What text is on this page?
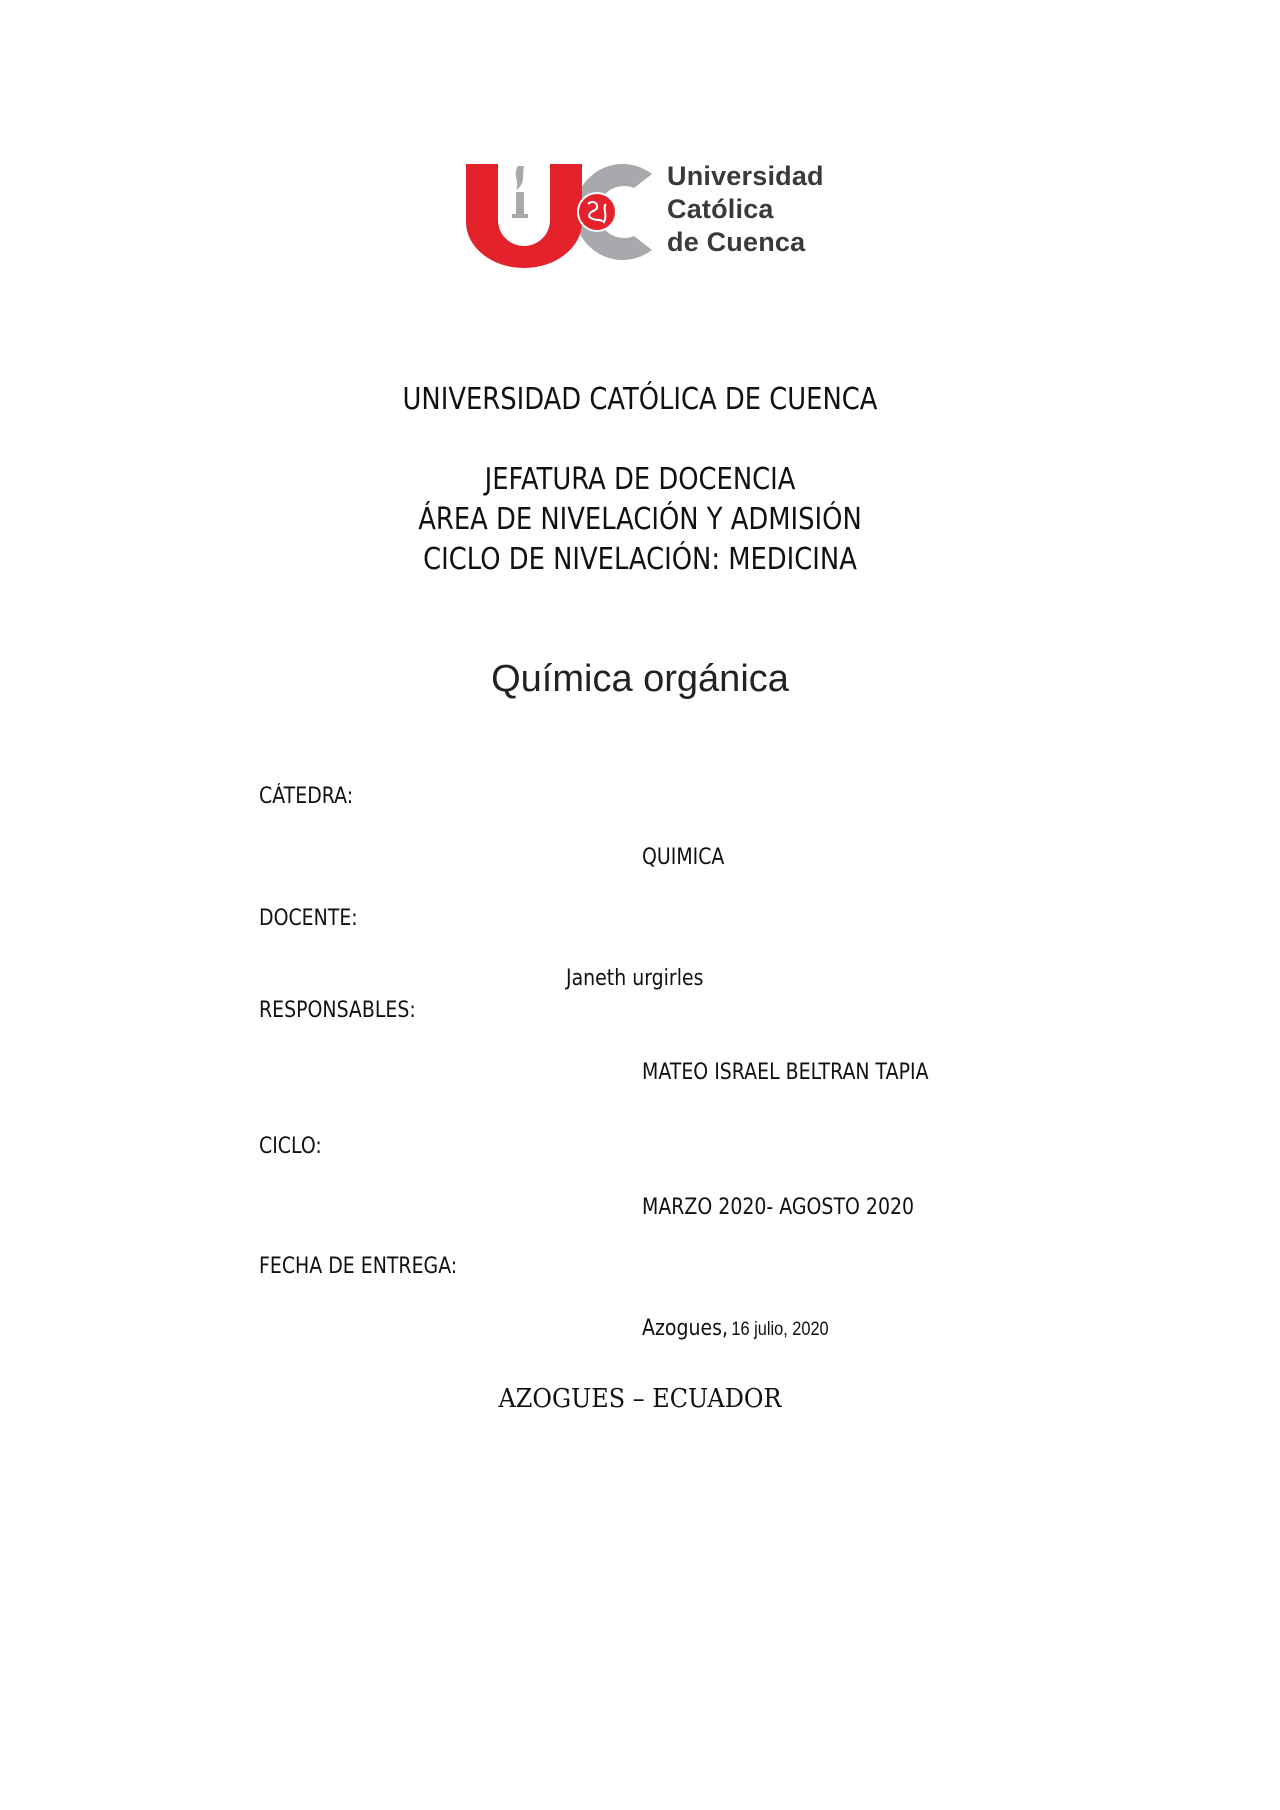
Universidad
Católica
de Cuenca
UNIVERSIDAD CATÓLICA DE CUENCA
JEFATURA DE DOCENCIA
ÁREA DE NIVELACIÓN Y ADMISIÓN
CICLO DE NIVELACIÓN: MEDICINA
Química orgánica
CÁTEDRA:
QUIMICA
DOCENTE:
Janeth urgirles
RESPONSABLES:
MATEO ISRAEL BELTRAN TAPIA
CICLO:
MARZO 2020- AGOSTO 2020
FECHA DE ENTREGA:
Azogues, 16 julio, 2020
AZOGUES – ECUADOR
